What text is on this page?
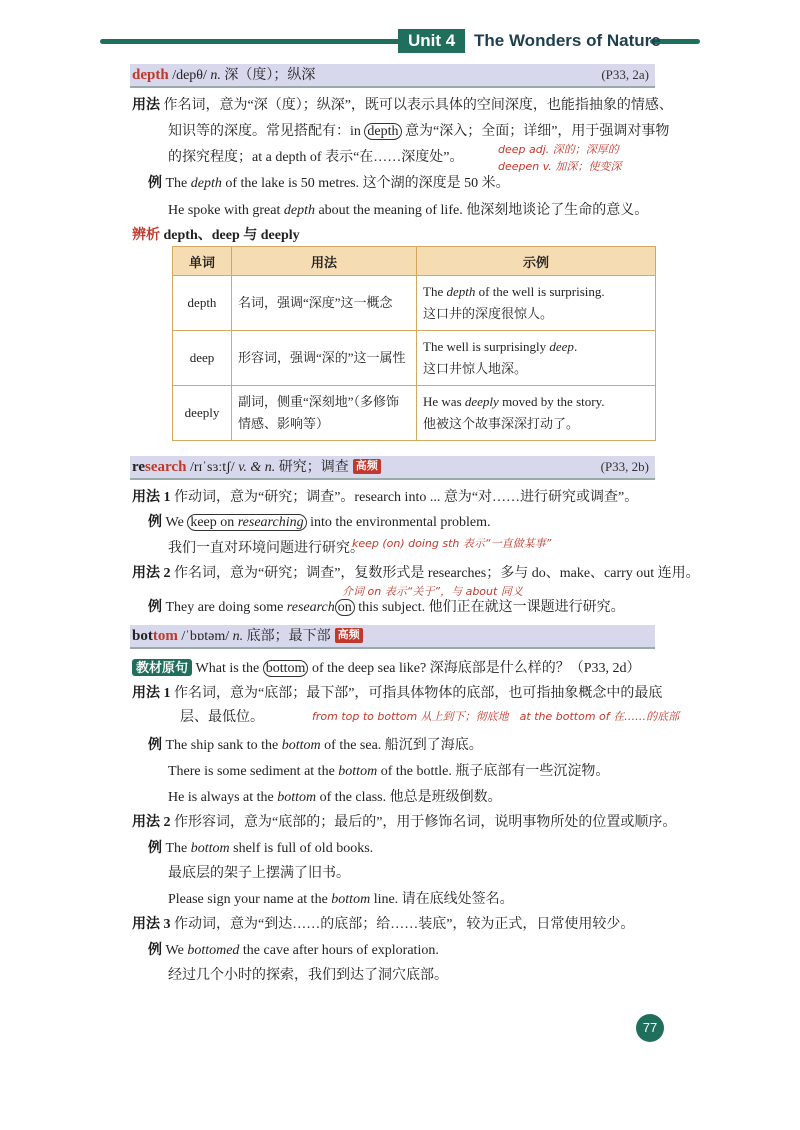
Unit 4	The Wonders of Nature
depth /depθ/ n. 深（度）；纵深	(P33, 2a)
用法 作名词，意为“深（度）；纵深”，既可以表示具体的空间深度，也能指抽象的情感、
知识等的深度。常见搭配有：in depth 意为“深入；全面；详细”，用于强调对事物
的探究程度；at a depth of 表示“在……深度处”。
deep adj. 深的；深厚的
deepen v. 加深；使变深
例 The depth of the lake is 50 metres. 这个湖的深度是 50 米。
He spoke with great depth about the meaning of life. 他深刻地谈论了生命的意义。
辨析 depth、deep 与 deeply
单词	用法	示例
depth	名词，强调“深度”这一概念	The depth of the well is surprising.
这口井的深度很惊人。
deep	形容词，强调“深的”这一属性	The well is surprisingly deep.
这口井惊人地深。
deeply	副词，侧重“深刻地”（多修饰情感、影响等）	He was deeply moved by the story.
他被这个故事深深打动了。
research /rɪˈsɜːtʃ/ v. & n. 研究；调查 高频	(P33, 2b)
用法 1 作动词，意为“研究；调查”。research into ... 意为“对……进行研究或调查”。
例 We keep on researching into the environmental problem.
我们一直对环境问题进行研究。
keep (on) doing sth 表示“一直做某事”
用法 2 作名词，意为“研究；调查”，复数形式是 researches；多与 do、make、carry out 连用。
介词 on 表示“关于”，与 about 同义
例 They are doing some research on this subject. 他们正在就这一课题进行研究。
bottom /ˈbɒtəm/ n. 底部；最下部 高频
教材原句 What is the bottom of the deep sea like? 深海底部是什么样的？（P33, 2d）
用法 1 作名词，意为“底部；最下部”，可指具体物体的底部，也可指抽象概念中的最底
层、最低位。	from top to bottom 从上到下；彻底地　at the bottom of 在……的底部
例 The ship sank to the bottom of the sea. 船沉到了海底。
There is some sediment at the bottom of the bottle. 瓶子底部有一些沉淀物。
He is always at the bottom of the class. 他总是班级倒数。
用法 2 作形容词，意为“底部的；最后的”，用于修饰名词，说明事物所处的位置或顺序。
例 The bottom shelf is full of old books.
最底层的架子上摆满了旧书。
Please sign your name at the bottom line. 请在底线处签名。
用法 3 作动词，意为“到达……的底部；给……装底”，较为正式，日常使用较少。
例 We bottomed the cave after hours of exploration.
经过几个小时的探索，我们到达了洞穴底部。
77
